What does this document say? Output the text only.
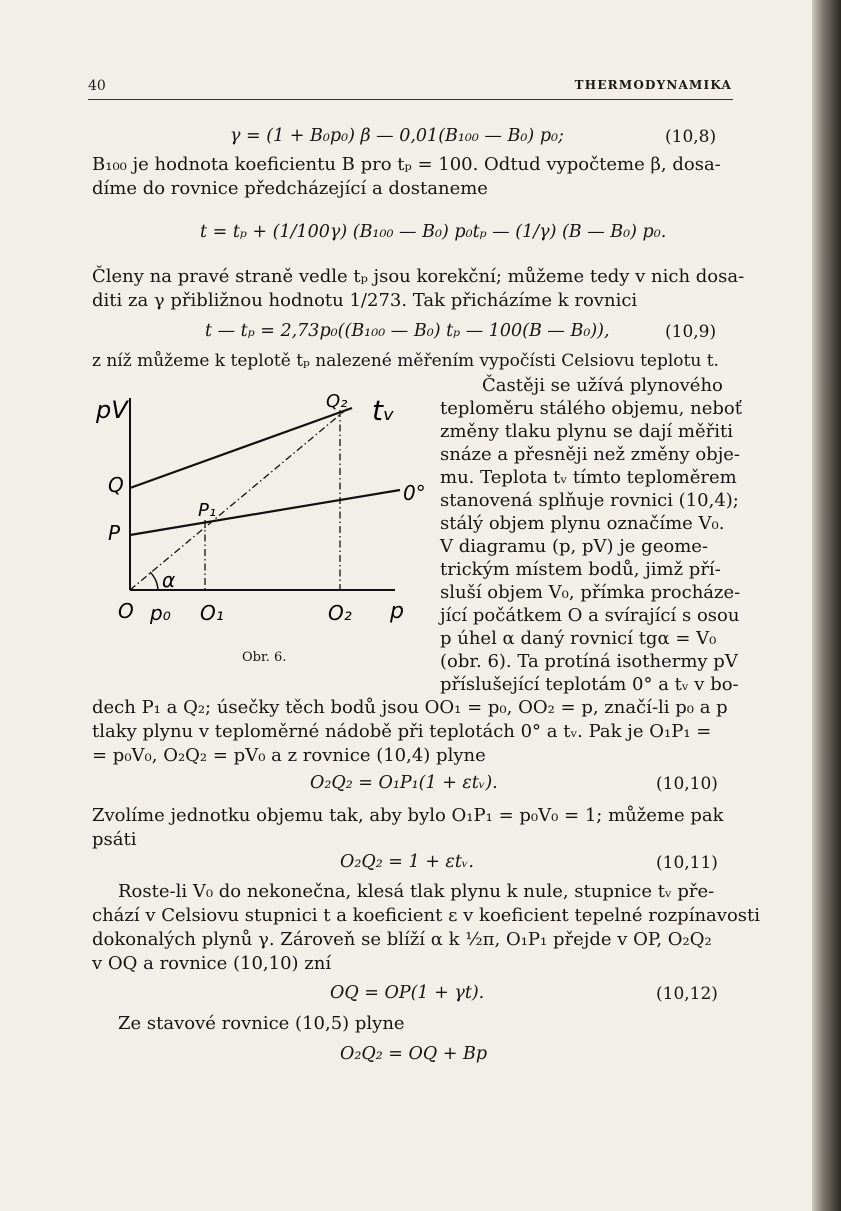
40	THERMODYNAMIKA
γ = (1 + B₀p₀) β — 0,01(B₁₀₀ — B₀) p₀;	(10,8)
B₁₀₀ je hodnota koeficientu B pro tₚ = 100. Odtud vypočteme β, dosa-
díme do rovnice předcházející a dostaneme
t = tₚ + (1/100γ) (B₁₀₀ — B₀) p₀tₚ — (1/γ) (B — B₀) p₀.
Členy na pravé straně vedle tₚ jsou korekční; můžeme tedy v nich dosa-
diti za γ přibližnou hodnotu 1/273. Tak přicházíme k rovnici
t — tₚ = 2,73p₀((B₁₀₀ — B₀) tₚ — 100(B — B₀)),	(10,9)
z níž můžeme k teplotě tₚ nalezené měřením vypočísti Celsiovu teplotu t.
pV	Q₂ tᵥ
Q	0°
P₁
P
α
O p₀ O₁	O₂ p
Obr. 6.
Častěji se užívá plynového
teploměru stálého objemu, neboť
změny tlaku plynu se dají měřiti
snáze a přesněji než změny obje-
mu. Teplota tᵥ tímto teploměrem
stanovená splňuje rovnici (10,4);
stálý objem plynu označíme V₀.
V diagramu (p, pV) je geome-
trickým místem bodů, jimž pří-
sluší objem V₀, přímka procháze-
jící počátkem O a svírající s osou
p úhel α daný rovnicí tgα = V₀
(obr. 6). Ta protíná isothermy pV
příslušející teplotám 0° a tᵥ v bo-
dech P₁ a Q₂; úsečky těch bodů jsou OO₁ = p₀, OO₂ = p, značí-li p₀ a p
tlaky plynu v teploměrné nádobě při teplotách 0° a tᵥ. Pak je O₁P₁ =
= p₀V₀, O₂Q₂ = pV₀ a z rovnice (10,4) plyne
O₂Q₂ = O₁P₁(1 + εtᵥ).	(10,10)
Zvolíme jednotku objemu tak, aby bylo O₁P₁ = p₀V₀ = 1; můžeme pak
psáti
O₂Q₂ = 1 + εtᵥ.	(10,11)
Roste-li V₀ do nekonečna, klesá tlak plynu k nule, stupnice tᵥ pře-
chází v Celsiovu stupnici t a koeficient ε v koeficient tepelné rozpínavosti
dokonalých plynů γ. Zároveň se blíží α k ½π, O₁P₁ přejde v OP, O₂Q₂
v OQ a rovnice (10,10) zní
OQ = OP(1 + γt).	(10,12)
Ze stavové rovnice (10,5) plyne
O₂Q₂ = OQ + Bp
